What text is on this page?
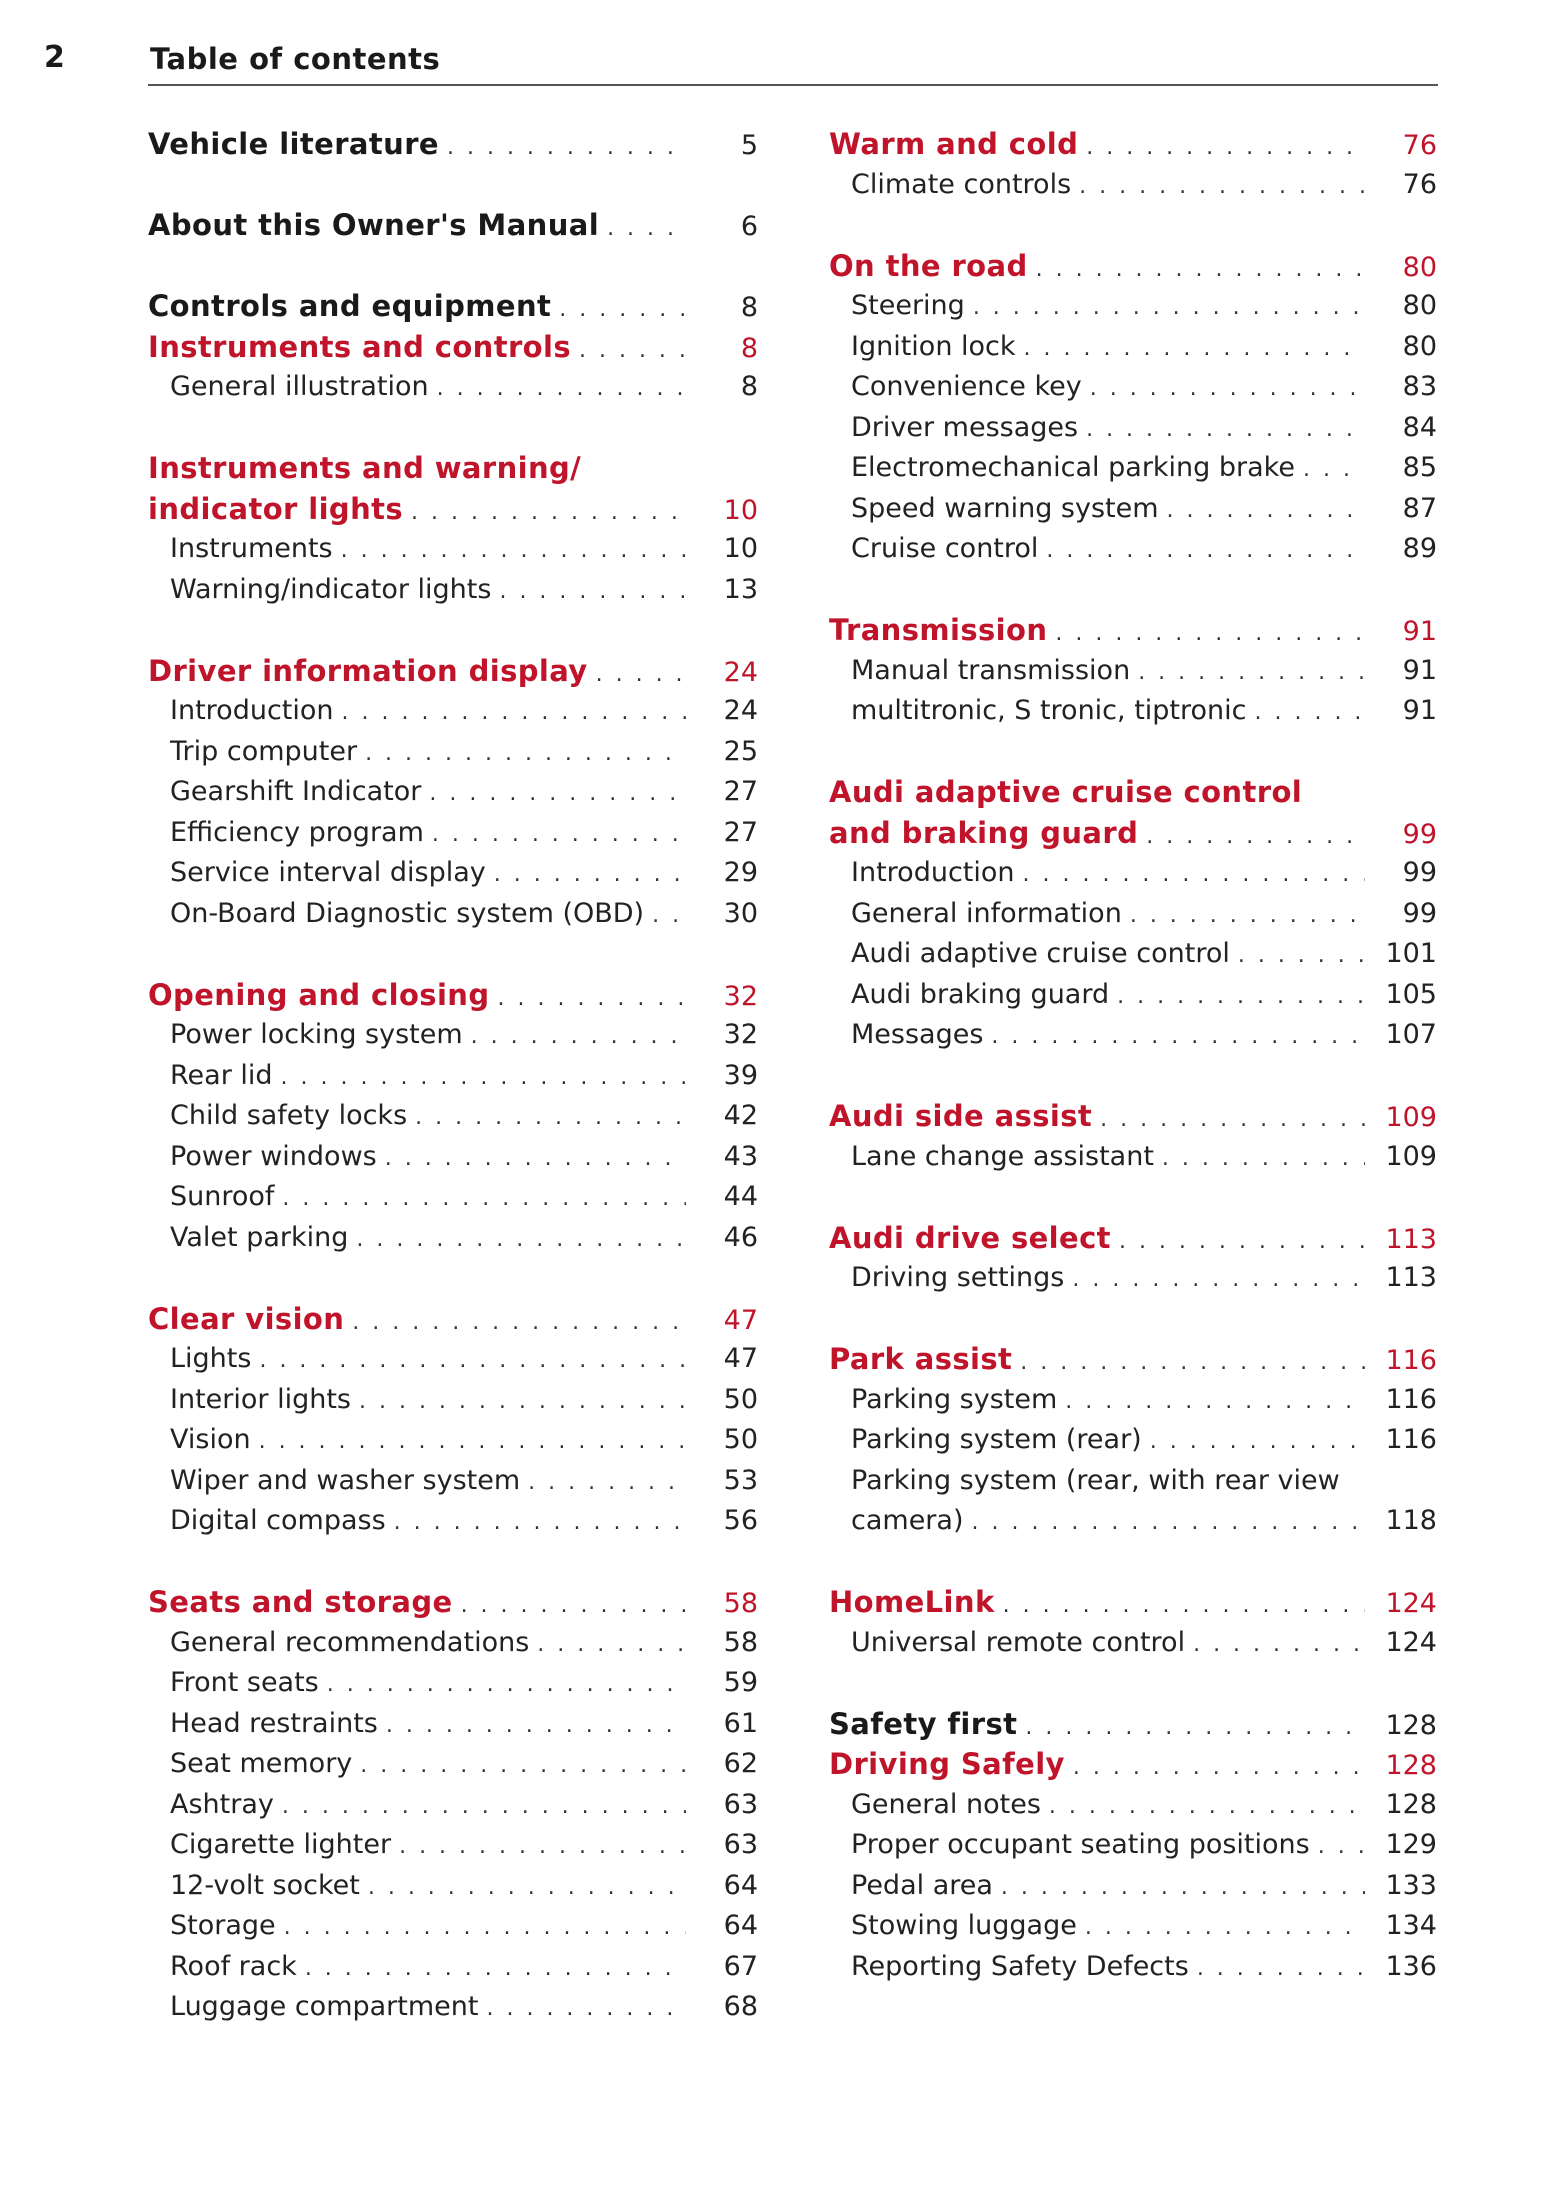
2	Table of contents
Vehicle literature . . .	5
About this Owner's Manual . . .	6
Controls and equipment . . .	8
Instruments and controls . . .	8
General illustration . . .	8
Instruments and warning/
indicator lights . . .	10
Instruments . . .	10
Warning/indicator lights . . .	13
Driver information display . . .	24
Introduction . . .	24
Trip computer . . .	25
Gearshift Indicator . . .	27
Efficiency program . . .	27
Service interval display . . .	29
On-Board Diagnostic system (OBD) . . .	30
Opening and closing . . .	32
Power locking system . . .	32
Rear lid . . .	39
Child safety locks . . .	42
Power windows . . .	43
Sunroof . . .	44
Valet parking . . .	46
Clear vision . . .	47
Lights . . .	47
Interior lights . . .	50
Vision . . .	50
Wiper and washer system . . .	53
Digital compass . . .	56
Seats and storage . . .	58
General recommendations . . .	58
Front seats . . .	59
Head restraints . . .	61
Seat memory . . .	62
Ashtray . . .	63
Cigarette lighter . . .	63
12-volt socket . . .	64
Storage . . .	64
Roof rack . . .	67
Luggage compartment . . .	68
Warm and cold . . .	76
Climate controls . . .	76
On the road . . .	80
Steering . . .	80
Ignition lock . . .	80
Convenience key . . .	83
Driver messages . . .	84
Electromechanical parking brake . . .	85
Speed warning system . . .	87
Cruise control . . .	89
Transmission . . .	91
Manual transmission . . .	91
multitronic, S tronic, tiptronic . . .	91
Audi adaptive cruise control
and braking guard . . .	99
Introduction . . .	99
General information . . .	99
Audi adaptive cruise control . . .	101
Audi braking guard . . .	105
Messages . . .	107
Audi side assist . . .	109
Lane change assistant . . .	109
Audi drive select . . .	113
Driving settings . . .	113
Park assist . . .	116
Parking system . . .	116
Parking system (rear) . . .	116
Parking system (rear, with rear view
camera) . . .	118
HomeLink . . .	124
Universal remote control . . .	124
Safety first . . .	128
Driving Safely . . .	128
General notes . . .	128
Proper occupant seating positions . . .	129
Pedal area . . .	133
Stowing luggage . . .	134
Reporting Safety Defects . . .	136
